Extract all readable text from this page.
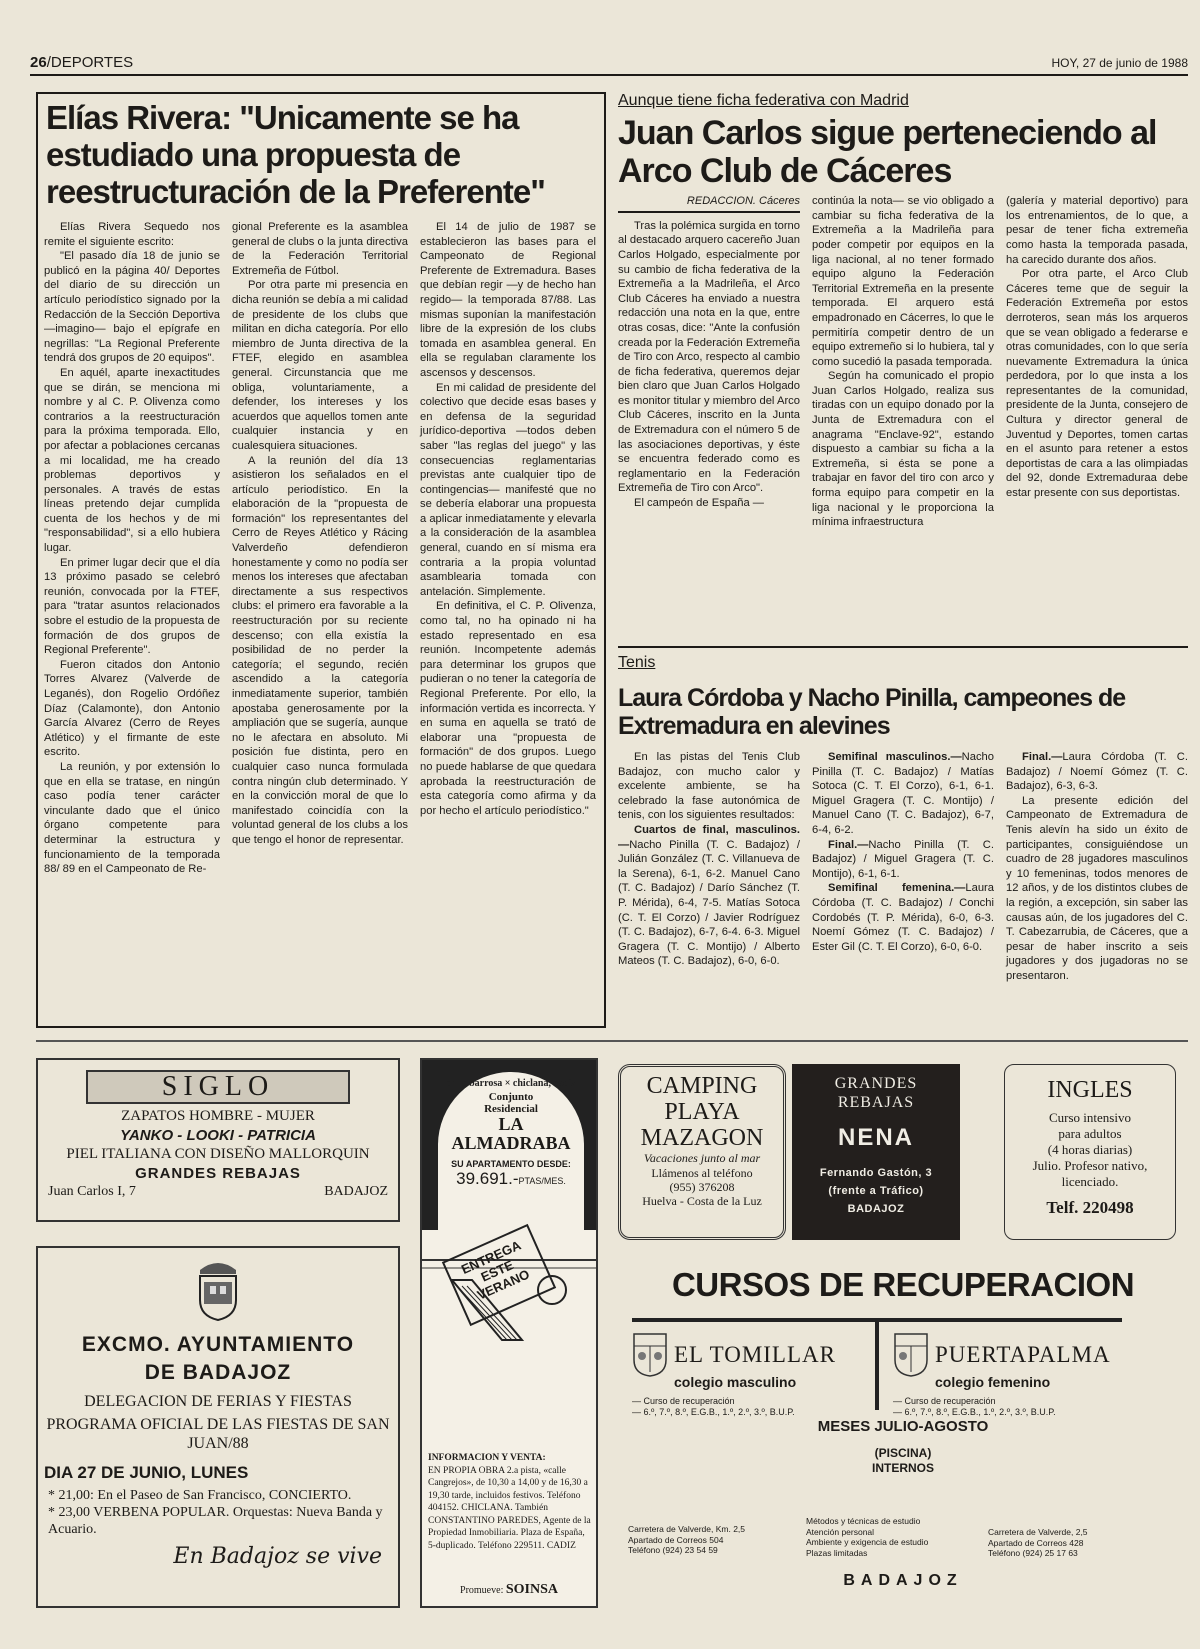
26/DEPORTES	HOY, 27 de junio de 1988
Elías Rivera: "Unicamente se ha estudiado una propuesta de reestructuración de la Preferente"

Elías Rivera Sequedo nos remite el siguiente escrito:

"El pasado día 18 de junio se publicó en la página 40/ Deportes del diario de su dirección un artículo periodístico signado por la Redacción de la Sección Deportiva —imagino— bajo el epígrafe en negrillas: "La Regional Preferente tendrá dos grupos de 20 equipos".

En aquél, aparte inexactitudes que se dirán, se menciona mi nombre y al C. P. Olivenza como contrarios a la reestructuración para la próxima temporada. Ello, por afectar a poblaciones cercanas a mi localidad, me ha creado problemas deportivos y personales. A través de estas líneas pretendo dejar cumplida cuenta de los hechos y de mi "responsabilidad", si a ello hubiera lugar.

En primer lugar decir que el día 13 próximo pasado se celebró reunión, convocada por la FTEF, para "tratar asuntos relacionados sobre el estudio de la propuesta de formación de dos grupos de Regional Preferente".

Fueron citados don Antonio Torres Alvarez (Valverde de Leganés), don Rogelio Ordóñez Díaz (Calamonte), don Antonio García Alvarez (Cerro de Reyes Atlético) y el firmante de este escrito.

La reunión, y por extensión lo que en ella se tratase, en ningún caso podía tener carácter vinculante dado que el único órgano competente para determinar la estructura y funcionamiento de la temporada 88/ 89 en el Campeonato de Re-

gional Preferente es la asamblea general de clubs o la junta directiva de la Federación Territorial Extremeña de Fútbol.

Por otra parte mi presencia en dicha reunión se debía a mi calidad de presidente de los clubs que militan en dicha categoría. Por ello miembro de Junta directiva de la FTEF, elegido en asamblea general. Circunstancia que me obliga, voluntariamente, a defender, los intereses y los acuerdos que aquellos tomen ante cualquier instancia y en cualesquiera situaciones.

A la reunión del día 13 asistieron los señalados en el artículo periodístico. En la elaboración de la "propuesta de formación" los representantes del Cerro de Reyes Atlético y Rácing Valverdeño defendieron honestamente y como no podía ser menos los intereses que afectaban directamente a sus respectivos clubs: el primero era favorable a la reestructuración por su reciente descenso; con ella existía la posibilidad de no perder la categoría; el segundo, recién ascendido a la categoría inmediatamente superior, también apostaba generosamente por la ampliación que se sugería, aunque no le afectara en absoluto. Mi posición fue distinta, pero en cualquier caso nunca formulada contra ningún club determinado. Y en la convicción moral de que lo manifestado coincidía con la voluntad general de los clubs a los que tengo el honor de representar.

El 14 de julio de 1987 se establecieron las bases para el Campeonato de Regional Preferente de Extremadura. Bases que debían regir —y de hecho han regido— la temporada 87/88. Las mismas suponían la manifestación libre de la expresión de los clubs tomada en asamblea general. En ella se regulaban claramente los ascensos y descensos.

En mi calidad de presidente del colectivo que decide esas bases y en defensa de la seguridad jurídico-deportiva —todos deben saber "las reglas del juego" y las consecuencias reglamentarias previstas ante cualquier tipo de contingencias— manifesté que no se debería elaborar una propuesta a aplicar inmediatamente y elevarla a la consideración de la asamblea general, cuando en sí misma era contraria a la propia voluntad asamblearia tomada con antelación. Simplemente.

En definitiva, el C. P. Olivenza, como tal, no ha opinado ni ha estado representado en esa reunión. Incompetente además para determinar los grupos que pudieran o no tener la categoría de Regional Preferente. Por ello, la información vertida es incorrecta. Y en suma en aquella se trató de elaborar una "propuesta de formación" de dos grupos. Luego no puede hablarse de que quedara aprobada la reestructuración de esta categoría como afirma y da por hecho el artículo periodístico."

Aunque tiene ficha federativa con Madrid

Juan Carlos sigue perteneciendo al Arco Club de Cáceres
REDACCION. Cáceres

Tras la polémica surgida en torno al destacado arquero cacereño Juan Carlos Holgado, especialmente por su cambio de ficha federativa de la Extremeña a la Madrileña, el Arco Club Cáceres ha enviado a nuestra redacción una nota en la que, entre otras cosas, dice: "Ante la confusión creada por la Federación Extremeña de Tiro con Arco, respecto al cambio de ficha federativa, queremos dejar bien claro que Juan Carlos Holgado es monitor titular y miembro del Arco Club Cáceres, inscrito en la Junta de Extremadura con el número 5 de las asociaciones deportivas, y éste se encuentra federado como es reglamentario en la Federación Extremeña de Tiro con Arco".

El campeón de España —

continúa la nota— se vio obligado a cambiar su ficha federativa de la Extremeña a la Madrileña para poder competir por equipos en la liga nacional, al no tener formado equipo alguno la Federación Territorial Extremeña en la presente temporada. El arquero está empadronado en Cácerres, lo que le permitiría competir dentro de un equipo extremeño si lo hubiera, tal y como sucedió la pasada temporada.

Según ha comunicado el propio Juan Carlos Holgado, realiza sus tiradas con un equipo donado por la Junta de Extremadura con el anagrama "Enclave-92", estando dispuesto a cambiar su ficha a la Extremeña, si ésta se pone a trabajar en favor del tiro con arco y forma equipo para competir en la liga nacional y le proporciona la mínima infraestructura

(galería y material deportivo) para los entrenamientos, de lo que, a pesar de tener ficha extremeña como hasta la temporada pasada, ha carecido durante dos años.

Por otra parte, el Arco Club Cáceres teme que de seguir la Federación Extremeña por estos derroteros, sean más los arqueros que se vean obligado a federarse e otras comunidades, con lo que sería nuevamente Extremadura la única perdedora, por lo que insta a los representantes de la comunidad, presidente de la Junta, consejero de Cultura y director general de Juventud y Deportes, tomen cartas en el asunto para retener a estos deportistas de cara a las olimpiadas del 92, donde Extremaduraa debe estar presente con sus deportistas.

Tenis

Laura Córdoba y Nacho Pinilla, campeones de Extremadura en alevines

En las pistas del Tenis Club Badajoz, con mucho calor y excelente ambiente, se ha celebrado la fase autonómica de tenis, con los siguientes resultados:

Cuartos de final, masculinos.—Nacho Pinilla (T. C. Badajoz) / Julián González (T. C. Villanueva de la Serena), 6-1, 6-2. Manuel Cano (T. C. Badajoz) / Darío Sánchez (T. P. Mérida), 6-4, 7-5. Matías Sotoca (C. T. El Corzo) / Javier Rodríguez (T. C. Badajoz), 6-7, 6-4. 6-3. Miguel Gragera (T. C. Montijo) / Alberto Mateos (T. C. Badajoz), 6-0, 6-0.

Semifinal masculinos.—Nacho Pinilla (T. C. Badajoz) / Matías Sotoca (C. T. El Corzo), 6-1, 6-1. Miguel Gragera (T. C. Montijo) / Manuel Cano (T. C. Badajoz), 6-7, 6-4, 6-2.

Final.—Nacho Pinilla (T. C. Badajoz) / Miguel Gragera (T. C. Montijo), 6-1, 6-1.

Semifinal femenina.—Laura Córdoba (T. C. Badajoz) / Conchi Cordobés (T. P. Mérida), 6-0, 6-3. Noemí Gómez (T. C. Badajoz) / Ester Gil (C. T. El Corzo), 6-0, 6-0.

Final.—Laura Córdoba (T. C. Badajoz) / Noemí Gómez (T. C. Badajoz), 6-3, 6-3.

La presente edición del Campeonato de Extremadura de Tenis alevín ha sido un éxito de participantes, consiguiéndose un cuadro de 28 jugadores masculinos y 10 femeninas, todos menores de 12 años, y de los distintos clubes de la región, a excepción, sin saber las causas aún, de los jugadores del C. T. Cabezarrubia, de Cáceres, que a pesar de haber inscrito a seis jugadores y dos jugadoras no se presentaron.

SIGLO
ZAPATOS HOMBRE - MUJER
YANKO - LOOKI - PATRICIA
PIEL ITALIANA CON DISEÑO MALLORQUIN
GRANDES REBAJAS
Juan Carlos I, 7	BADAJOZ
EXCMO. AYUNTAMIENTO
DE BADAJOZ
DELEGACION DE FERIAS Y FIESTAS
PROGRAMA OFICIAL DE LAS FIESTAS DE SAN JUAN/88
DIA 27 DE JUNIO, LUNES
* 21,00: En el Paseo de San Francisco, CONCIERTO.
* 23,00 VERBENA POPULAR. Orquestas: Nueva Banda y Acuario.
En Badajoz se vive
en la barrosa × chiclana, cadiz
Conjunto
Residencial
LA
ALMADRABA
SU APARTAMENTO DESDE:
39.691.-PTAS/MES.
ENTREGA ESTE VERANO
INFORMACION Y VENTA:
EN PROPIA OBRA 2.a pista, «calle Cangrejos», de 10,30 a 14,00 y de 16,30 a 19,30 tarde, incluidos festivos. Teléfono 404152. CHICLANA. También CONSTANTINO PAREDES, Agente de la Propiedad Inmobiliaria. Plaza de España, 5-duplicado. Teléfono 229511. CADIZ
Promueve: SOINSA
CAMPING
PLAYA
MAZAGON
Vacaciones junto al mar
Llámenos al teléfono
(955) 376208
Huelva - Costa de la Luz
GRANDES
REBAJAS
NENA
Fernando Gastón, 3
(frente a Tráfico)
BADAJOZ
INGLES
Curso intensivo
para adultos
(4 horas diarias)
Julio. Profesor nativo,
licenciado.
Telf. 220498
CURSOS DE RECUPERACION
EL TOMILLAR
colegio masculino
— Curso de recuperación
— 6.º, 7.º, 8.º, E.G.B., 1.º, 2.º, 3.º, B.U.P.
PUERTAPALMA
colegio femenino
— Curso de recuperación
— 6.º, 7.º, 8.º, E.G.B., 1.º, 2.º, 3.º, B.U.P.
MESES JULIO-AGOSTO
(PISCINA)
INTERNOS
Carretera de Valverde, Km. 2,5
Apartado de Correos 504
Teléfono (924) 23 54 59
Métodos y técnicas de estudio
Atención personal
Ambiente y exigencia de estudio
Plazas limitadas
Carretera de Valverde, 2,5
Apartado de Correos 428
Teléfono (924) 25 17 63
BADAJOZ
